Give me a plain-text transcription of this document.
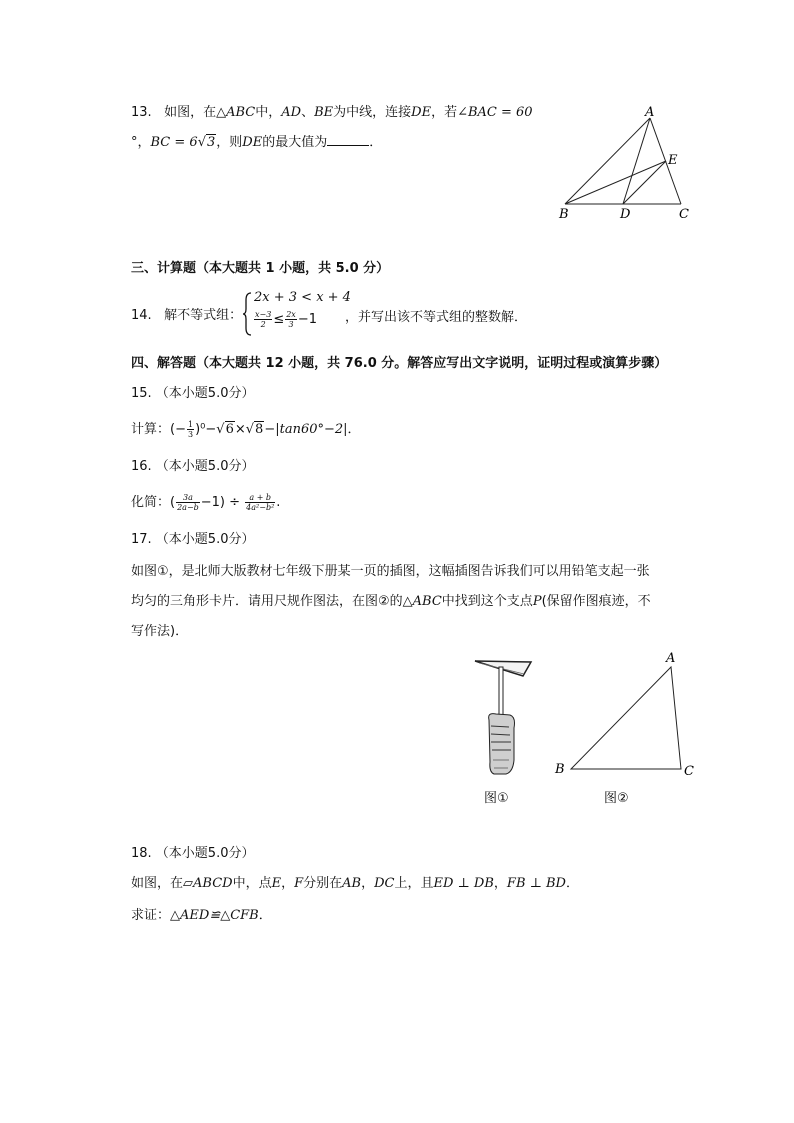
13. 如图，在△ABC中，AD、BE为中线，连接DE，若∠BAC = 60
°，BC = 6√3，则DE的最大值为	．
A
B	C
D
E
三、计算题（本大题共 1 小题，共 5.0 分）
14. 解不等式组：
2x + 3 < x + 4
$\frac{x-3}{2} \le \frac{2x}{3} -1$ ，并写出该不等式组的整数解．
四、解答题（本大题共 12 小题，共 76.0 分。解答应写出文字说明，证明过程或演算步骤）
15. （本小题5.0分）
计算：(− $\frac{1}{3} )^0-√6\times√8-|\tan 60^\circ-2|$．
16. （本小题5.0分）
化简：( $\frac{3a}{2a-b} -1) \div \frac{a + b}{\text{4a²−b²}}$ .
17. （本小题5.0分）
如图①，是北师大版教材七年级下册某一页的插图，这幅插图告诉我们可以用铅笔支起一张
均匀的三角形卡片．请用尺规作图法，在图②的△ABC中找到这个支点P(保留作图痕迹，不
写作法)．
图①
A
B	C
图②
18. （本小题5.0分）
如图，在▱ABCD中，点E，F分别在AB，DC上，且ED ⊥ DB，FB ⊥ BD．
求证：△AED≌△CFB．
